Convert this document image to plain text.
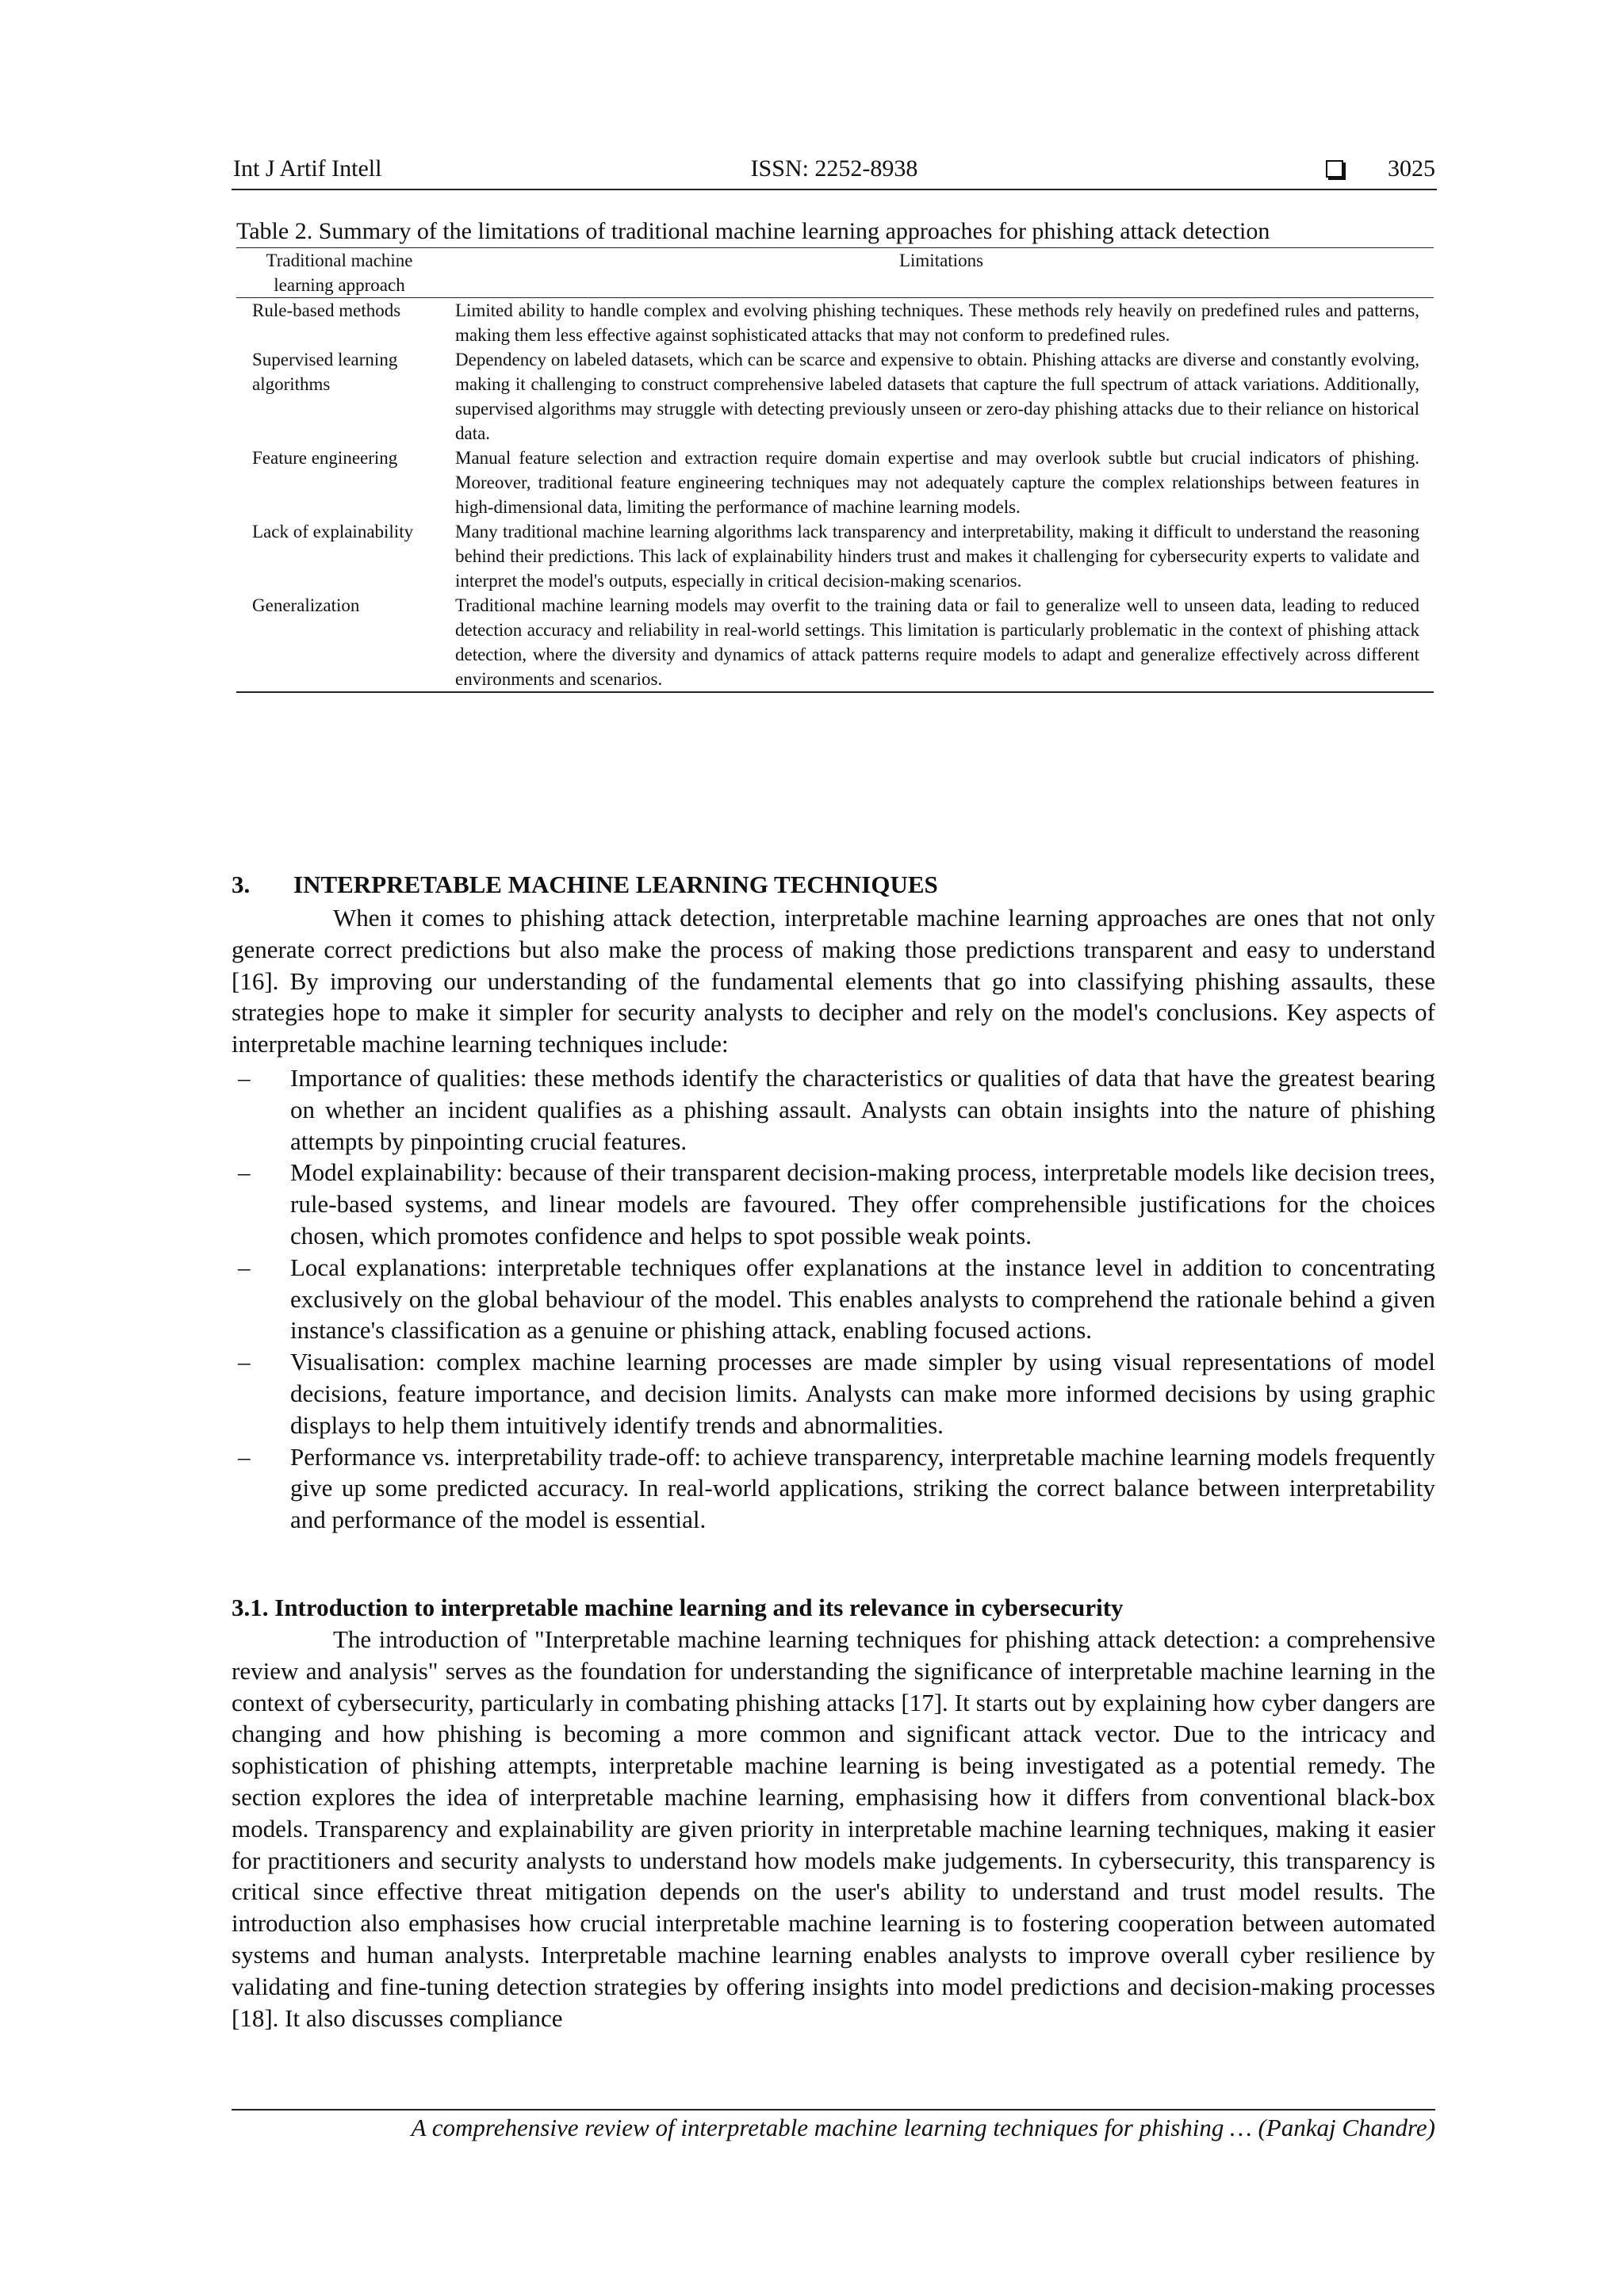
Int J Artif Intell	ISSN: 2252-8938	3025
Table 2. Summary of the limitations of traditional machine learning approaches for phishing attack detection
Traditional machine learning approach	Limitations
Rule-based methods	Limited ability to handle complex and evolving phishing techniques. These methods rely heavily on predefined rules and patterns, making them less effective against sophisticated attacks that may not conform to predefined rules.
Supervised learning algorithms	Dependency on labeled datasets, which can be scarce and expensive to obtain. Phishing attacks are diverse and constantly evolving, making it challenging to construct comprehensive labeled datasets that capture the full spectrum of attack variations. Additionally, supervised algorithms may struggle with detecting previously unseen or zero-day phishing attacks due to their reliance on historical data.
Feature engineering	Manual feature selection and extraction require domain expertise and may overlook subtle but crucial indicators of phishing. Moreover, traditional feature engineering techniques may not adequately capture the complex relationships between features in high-dimensional data, limiting the performance of machine learning models.
Lack of explainability	Many traditional machine learning algorithms lack transparency and interpretability, making it difficult to understand the reasoning behind their predictions. This lack of explainability hinders trust and makes it challenging for cybersecurity experts to validate and interpret the model's outputs, especially in critical decision-making scenarios.
Generalization	Traditional machine learning models may overfit to the training data or fail to generalize well to unseen data, leading to reduced detection accuracy and reliability in real-world settings. This limitation is particularly problematic in the context of phishing attack detection, where the diversity and dynamics of attack patterns require models to adapt and generalize effectively across different environments and scenarios.
3. INTERPRETABLE MACHINE LEARNING TECHNIQUES
When it comes to phishing attack detection, interpretable machine learning approaches are ones that not only generate correct predictions but also make the process of making those predictions transparent and easy to understand [16]. By improving our understanding of the fundamental elements that go into classifying phishing assaults, these strategies hope to make it simpler for security analysts to decipher and rely on the model's conclusions. Key aspects of interpretable machine learning techniques include:
– Importance of qualities: these methods identify the characteristics or qualities of data that have the greatest bearing on whether an incident qualifies as a phishing assault. Analysts can obtain insights into the nature of phishing attempts by pinpointing crucial features.
– Model explainability: because of their transparent decision-making process, interpretable models like decision trees, rule-based systems, and linear models are favoured. They offer comprehensible justifications for the choices chosen, which promotes confidence and helps to spot possible weak points.
– Local explanations: interpretable techniques offer explanations at the instance level in addition to concentrating exclusively on the global behaviour of the model. This enables analysts to comprehend the rationale behind a given instance's classification as a genuine or phishing attack, enabling focused actions.
– Visualisation: complex machine learning processes are made simpler by using visual representations of model decisions, feature importance, and decision limits. Analysts can make more informed decisions by using graphic displays to help them intuitively identify trends and abnormalities.
– Performance vs. interpretability trade-off: to achieve transparency, interpretable machine learning models frequently give up some predicted accuracy. In real-world applications, striking the correct balance between interpretability and performance of the model is essential.
3.1. Introduction to interpretable machine learning and its relevance in cybersecurity
The introduction of "Interpretable machine learning techniques for phishing attack detection: a comprehensive review and analysis" serves as the foundation for understanding the significance of interpretable machine learning in the context of cybersecurity, particularly in combating phishing attacks [17]. It starts out by explaining how cyber dangers are changing and how phishing is becoming a more common and significant attack vector. Due to the intricacy and sophistication of phishing attempts, interpretable machine learning is being investigated as a potential remedy. The section explores the idea of interpretable machine learning, emphasising how it differs from conventional black-box models. Transparency and explainability are given priority in interpretable machine learning techniques, making it easier for practitioners and security analysts to understand how models make judgements. In cybersecurity, this transparency is critical since effective threat mitigation depends on the user's ability to understand and trust model results. The introduction also emphasises how crucial interpretable machine learning is to fostering cooperation between automated systems and human analysts. Interpretable machine learning enables analysts to improve overall cyber resilience by validating and fine-tuning detection strategies by offering insights into model predictions and decision-making processes [18]. It also discusses compliance
A comprehensive review of interpretable machine learning techniques for phishing … (Pankaj Chandre)
